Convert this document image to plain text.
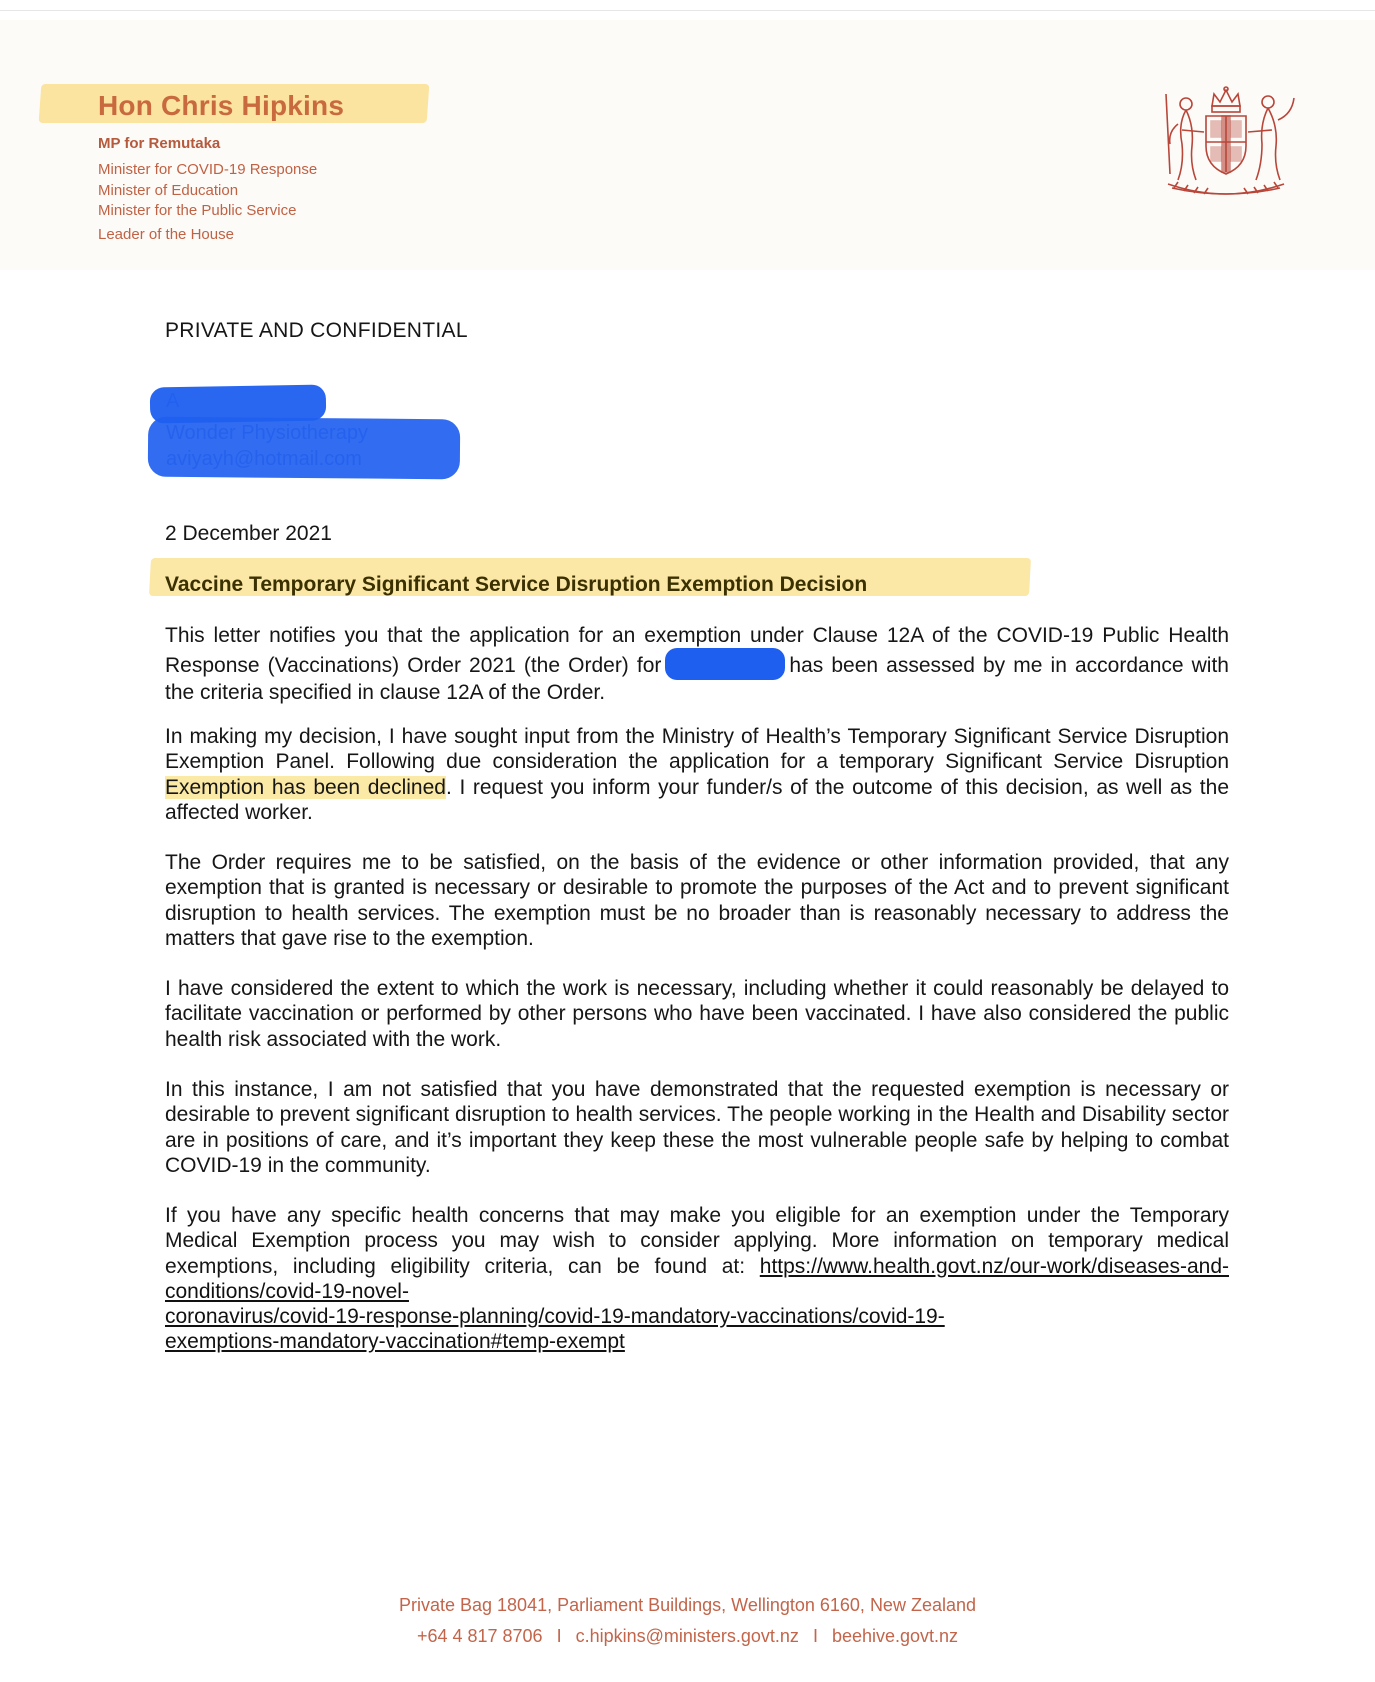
Hon Chris Hipkins
MP for Remutaka
Minister for COVID-19 Response
Minister of Education
Minister for the Public Service
Leader of the House
PRIVATE AND CONFIDENTIAL
2 December 2021
Vaccine Temporary Significant Service Disruption Exemption Decision
This letter notifies you that the application for an exemption under Clause 12A of the COVID-19 Public Health Response (Vaccinations) Order 2021 (the Order) for	has been assessed by me in accordance with the criteria specified in clause 12A of the Order.
In making my decision, I have sought input from the Ministry of Health’s Temporary Significant Service Disruption Exemption Panel. Following due consideration the application for a temporary Significant Service Disruption Exemption has been declined. I request you inform your funder/s of the outcome of this decision, as well as the affected worker.
The Order requires me to be satisfied, on the basis of the evidence or other information provided, that any exemption that is granted is necessary or desirable to promote the purposes of the Act and to prevent significant disruption to health services. The exemption must be no broader than is reasonably necessary to address the matters that gave rise to the exemption.
I have considered the extent to which the work is necessary, including whether it could reasonably be delayed to facilitate vaccination or performed by other persons who have been vaccinated. I have also considered the public health risk associated with the work.
In this instance, I am not satisfied that you have demonstrated that the requested exemption is necessary or desirable to prevent significant disruption to health services. The people working in the Health and Disability sector are in positions of care, and it’s important they keep these the most vulnerable people safe by helping to combat COVID-19 in the community.
If you have any specific health concerns that may make you eligible for an exemption under the Temporary Medical Exemption process you may wish to consider applying. More information on temporary medical exemptions, including eligibility criteria, can be found at: https://www.health.govt.nz/our-work/diseases-and-conditions/covid-19-novel-
coronavirus/covid-19-response-planning/covid-19-mandatory-vaccinations/covid-19-
exemptions-mandatory-vaccination#temp-exempt
Private Bag 18041, Parliament Buildings, Wellington 6160, New Zealand
+64 4 817 8706 I c.hipkins@ministers.govt.nz I beehive.govt.nz
